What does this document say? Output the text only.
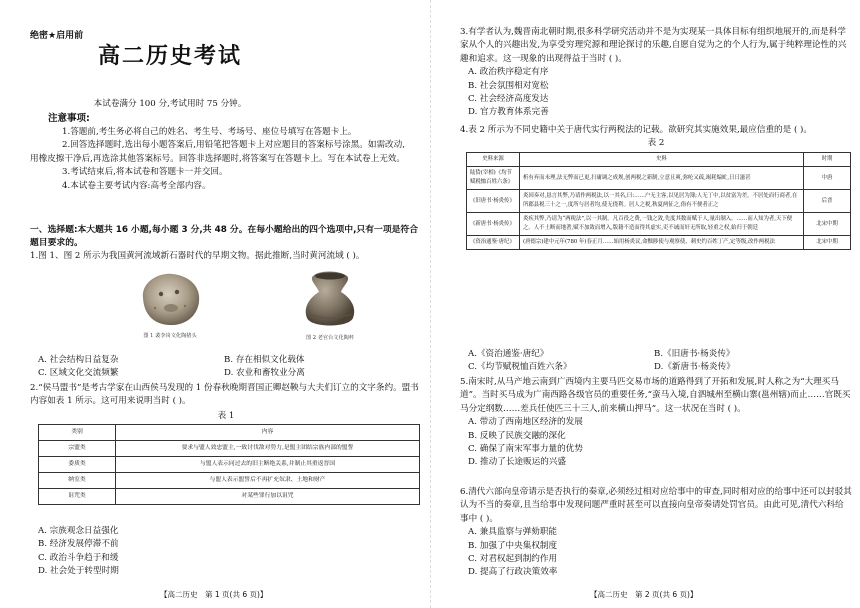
绝密★启用前
高二历史考试
本试卷满分 100 分,考试用时 75 分钟。
注意事项:

1.答题前,考生务必将自己的姓名、考生号、考场号、座位号填写在答题卡上。

2.回答选择题时,选出每小题答案后,用铅笔把答题卡上对应题目的答案标号涂黑。如需改动,用橡皮擦干净后,再选涂其他答案标号。回答非选择题时,将答案写在答题卡上。写在本试卷上无效。

3.考试结束后,将本试卷和答题卡一并交回。

4.本试卷主要考试内容:高考全部内容。

一、选择题:本大题共 16 小题,每小题 3 分,共 48 分。在每小题给出的四个选项中,只有一项是符合题目要求的。

1.图 1、图 2 所示为我国黄河流域新石器时代的早期文物。据此推断,当时黄河流域 ( )。

图 1 裴李岗文化陶猪头	图 2 老官台文化陶杯
A. 社会结构日益复杂	B. 存在相似文化载体
C. 区域文化交流频繁	D. 农业和畜牧业分离

2.“侯马盟书”是考古学家在山西侯马发现的 1 份春秋晚期晋国正卿赵鞅与大夫们订立的文字条约。盟书内容如表 1 所示。这可用来说明当时 ( )。

表 1
类别	内容
宗盟类	要求与盟人效忠盟主,一致讨伐敌对势力,是盟主团结宗族内部的盟誓
委质类	与盟人表示同过去的旧主断绝关系,并制止其重返晋国
纳室类	与盟人表示盟誓后不再扩充奴隶、土地和财产
诅咒类	对某些罪行加以诅咒

A. 宗族观念日益强化

B. 经济发展停滞不前

C. 政治斗争趋于和缓

D. 社会处于转型时期

【高二历史　第 1 页(共 6 页)】

3.有学者认为,魏晋南北朝时期,很多科学研究活动并不是为实现某一具体目标有组织地展开的,而是科学家从个人的兴趣出发,为享受穷理究源和理论探讨的乐趣,自愿自觉为之的个人行为,属于纯粹理论性的兴趣和追求。这一现象的出现得益于当时 ( )。

A. 政治秩序稳定有序

B. 社会氛围相对宽松

C. 社会经济高度发达

D. 官方教育体系完善

4.表 2 所示为不同史籍中关于唐代实行两税法的记载。欲研究其实施效果,最应信重的是 ( )。

表 2

史料来源	史料	时期
陆贽(宰相)《均节赋税恤百姓六条》	析有弃而未理,法无弊而已更,扫庸调之成规,创两税之新制,立意且爽,弥纶又疏,竭耗编甿,日日滋甚	中唐
《旧唐书·杨炎传》	炎因奏对,恳言其弊,乃请作两税法,以一其名,曰:……户无主客,以见居为簿;人无丁中,以贫富为差。不居处而行商者,在所郡县税三十之一,度所与居者均,使无侥利。居人之税,秋夏两征之,俗有不便者正之	后晋
《新唐书·杨炎传》	炎疾其弊,乃请为“两税法”,以一其制。凡百役之费,一钱之敛,先度其数而赋于人,量出制入。……而人知为者,天下便之。人不土断而地著,赋不加敛而增入,版籍不造而得其虚实,吏不诫而奸无所取,轻重之权,始归于朝廷	北宋中期
《资治通鉴·唐纪》	(唐德宗)建中元年(780 年)春正月……始用杨炎议,命黜陟使与观察使、刺史约百姓丁产,定等级,改作两税法	北宋中期
A.《资治通鉴·唐纪》	B.《旧唐书·杨炎传》
C.《均节赋税恤百姓六条》	D.《新唐书·杨炎传》

5.南宋时,从马产地云南到广西境内主要马匹交易市场的道路得到了开拓和发展,时人称之为“大理买马道”。当时买马成为广南西路各级官员的重要任务,“蛮马入境,自泗城州至横山寨(邕州辖)而止……官既买马分定纲数……差兵任使匹三十三人,前来横山押马”。这一状况在当时 ( )。

A. 带动了西南地区经济的发展

B. 反映了民族交融的深化

C. 确保了南宋军事力量的优势

D. 推动了长途贩运的兴盛

6.清代六部向皇帝请示是否执行的奏章,必须经过相对应给事中的审查,同时相对应的给事中还可以封驳其认为不当的奏章,且当给事中发现问题严重时甚至可以直接向皇帝奏请处罚官员。由此可见,清代六科给事中 ( )。

A. 兼具监察与弹劾职能

B. 加强了中央集权制度

C. 对君权起到制约作用

D. 提高了行政决策效率

【高二历史　第 2 页(共 6 页)】
